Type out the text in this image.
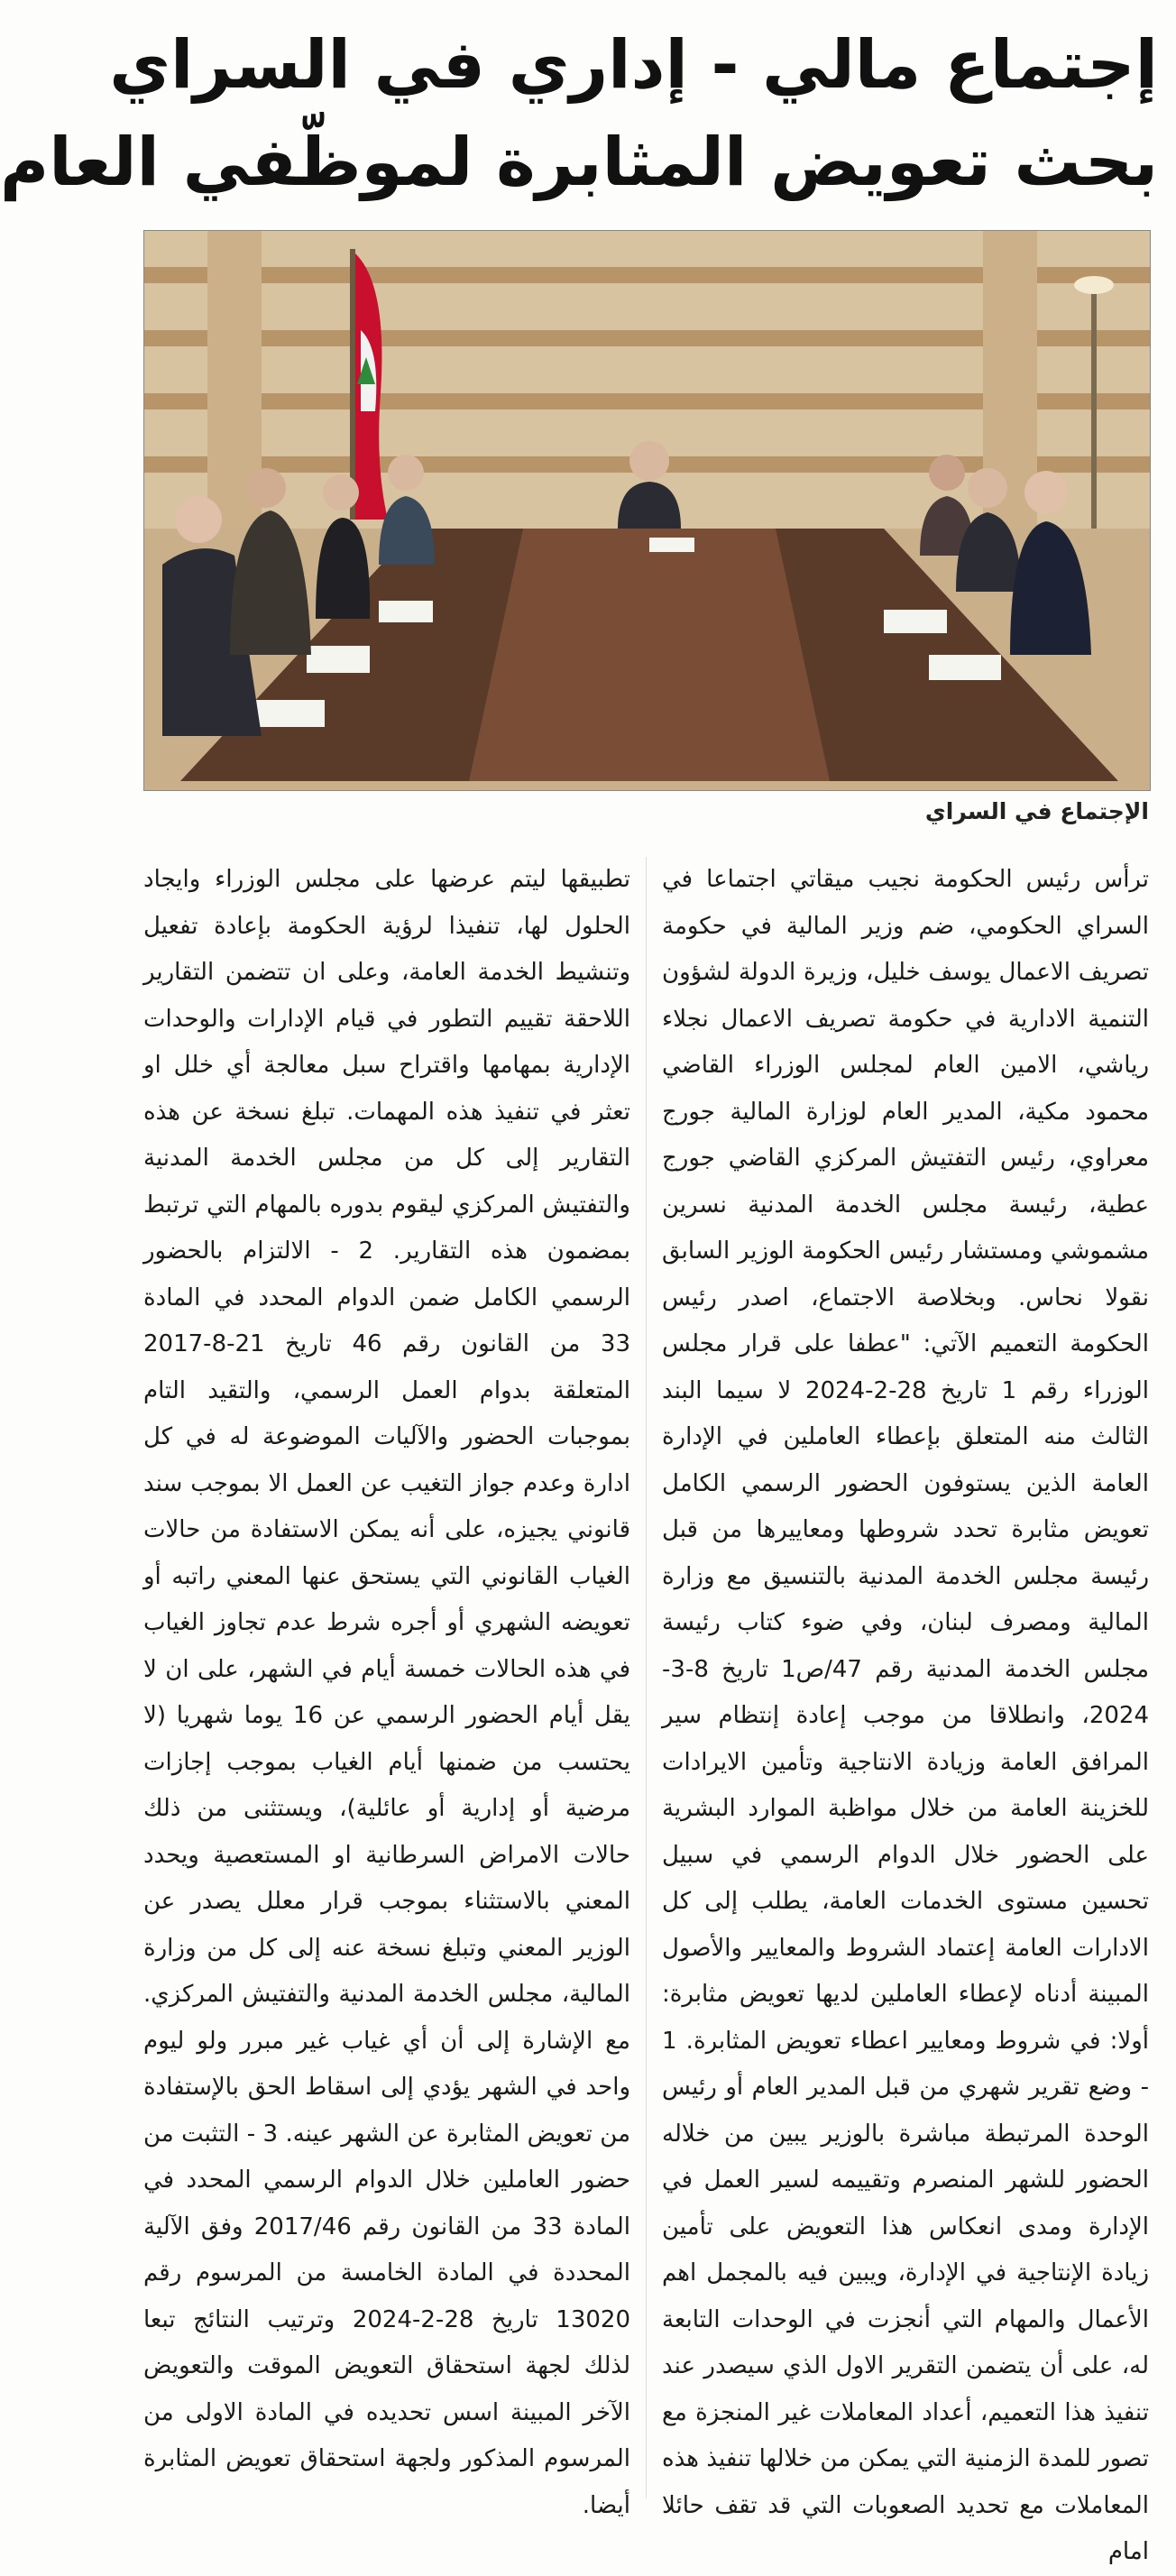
إجتماع مالي - إداري في السراي
بحث تعويض المثابرة لموظّفي العام
الإجتماع في السراي

ترأس رئيس الحكومة نجيب ميقاتي اجتماعا في السراي الحكومي، ضم وزير المالية في حكومة تصريف الاعمال يوسف خليل، وزيرة الدولة لشؤون التنمية الادارية في حكومة تصريف الاعمال نجلاء رياشي، الامين العام لمجلس الوزراء القاضي محمود مكية، المدير العام لوزارة المالية جورج معراوي، رئيس التفتيش المركزي القاضي جورج عطية، رئيسة مجلس الخدمة المدنية نسرين مشموشي ومستشار رئيس الحكومة الوزير السابق نقولا نحاس. وبخلاصة الاجتماع، اصدر رئيس الحكومة التعميم الآتي: "عطفا على قرار مجلس الوزراء رقم 1 تاريخ 28-2-2024 لا سيما البند الثالث منه المتعلق بإعطاء العاملين في الإدارة العامة الذين يستوفون الحضور الرسمي الكامل تعويض مثابرة تحدد شروطها ومعاييرها من قبل رئيسة مجلس الخدمة المدنية بالتنسيق مع وزارة المالية ومصرف لبنان، وفي ضوء كتاب رئيسة مجلس الخدمة المدنية رقم 47/ص1 تاريخ 8-3-2024، وانطلاقا من موجب إعادة إنتظام سير المرافق العامة وزيادة الانتاجية وتأمين الايرادات للخزينة العامة من خلال مواظبة الموارد البشرية على الحضور خلال الدوام الرسمي في سبيل تحسين مستوى الخدمات العامة، يطلب إلى كل الادارات العامة إعتماد الشروط والمعايير والأصول المبينة أدناه لإعطاء العاملين لديها تعويض مثابرة: أولا: في شروط ومعايير اعطاء تعويض المثابرة. 1 - وضع تقرير شهري من قبل المدير العام أو رئيس الوحدة المرتبطة مباشرة بالوزير يبين من خلاله الحضور للشهر المنصرم وتقييمه لسير العمل في الإدارة ومدى انعكاس هذا التعويض على تأمين زيادة الإنتاجية في الإدارة، ويبين فيه بالمجمل اهم الأعمال والمهام التي أنجزت في الوحدات التابعة له، على أن يتضمن التقرير الاول الذي سيصدر عند تنفيذ هذا التعميم، أعداد المعاملات غير المنجزة مع تصور للمدة الزمنية التي يمكن من خلالها تنفيذ هذه المعاملات مع تحديد الصعوبات التي قد تقف حائلا امام

تطبيقها ليتم عرضها على مجلس الوزراء وايجاد الحلول لها، تنفيذا لرؤية الحكومة بإعادة تفعيل وتنشيط الخدمة العامة، وعلى ان تتضمن التقارير اللاحقة تقييم التطور في قيام الإدارات والوحدات الإدارية بمهامها واقتراح سبل معالجة أي خلل او تعثر في تنفيذ هذه المهمات. تبلغ نسخة عن هذه التقارير إلى كل من مجلس الخدمة المدنية والتفتيش المركزي ليقوم بدوره بالمهام التي ترتبط بمضمون هذه التقارير. 2 - الالتزام بالحضور الرسمي الكامل ضمن الدوام المحدد في المادة 33 من القانون رقم 46 تاريخ 21-8-2017 المتعلقة بدوام العمل الرسمي، والتقيد التام بموجبات الحضور والآليات الموضوعة له في كل ادارة وعدم جواز التغيب عن العمل الا بموجب سند قانوني يجيزه، على أنه يمكن الاستفادة من حالات الغياب القانوني التي يستحق عنها المعني راتبه أو تعويضه الشهري أو أجره شرط عدم تجاوز الغياب في هذه الحالات خمسة أيام في الشهر، على ان لا يقل أيام الحضور الرسمي عن 16 يوما شهريا (لا يحتسب من ضمنها أيام الغياب بموجب إجازات مرضية أو إدارية أو عائلية)، ويستثنى من ذلك حالات الامراض السرطانية او المستعصية ويحدد المعني بالاستثناء بموجب قرار معلل يصدر عن الوزير المعني وتبلغ نسخة عنه إلى كل من وزارة المالية، مجلس الخدمة المدنية والتفتيش المركزي. مع الإشارة إلى أن أي غياب غير مبرر ولو ليوم واحد في الشهر يؤدي إلى اسقاط الحق بالإستفادة من تعويض المثابرة عن الشهر عينه. 3 - التثبت من حضور العاملين خلال الدوام الرسمي المحدد في المادة 33 من القانون رقم 2017/46 وفق الآلية المحددة في المادة الخامسة من المرسوم رقم 13020 تاريخ 28-2-2024 وترتيب النتائج تبعا لذلك لجهة استحقاق التعويض الموقت والتعويض الآخر المبينة اسس تحديده في المادة الاولى من المرسوم المذكور ولجهة استحقاق تعويض المثابرة أيضا.
